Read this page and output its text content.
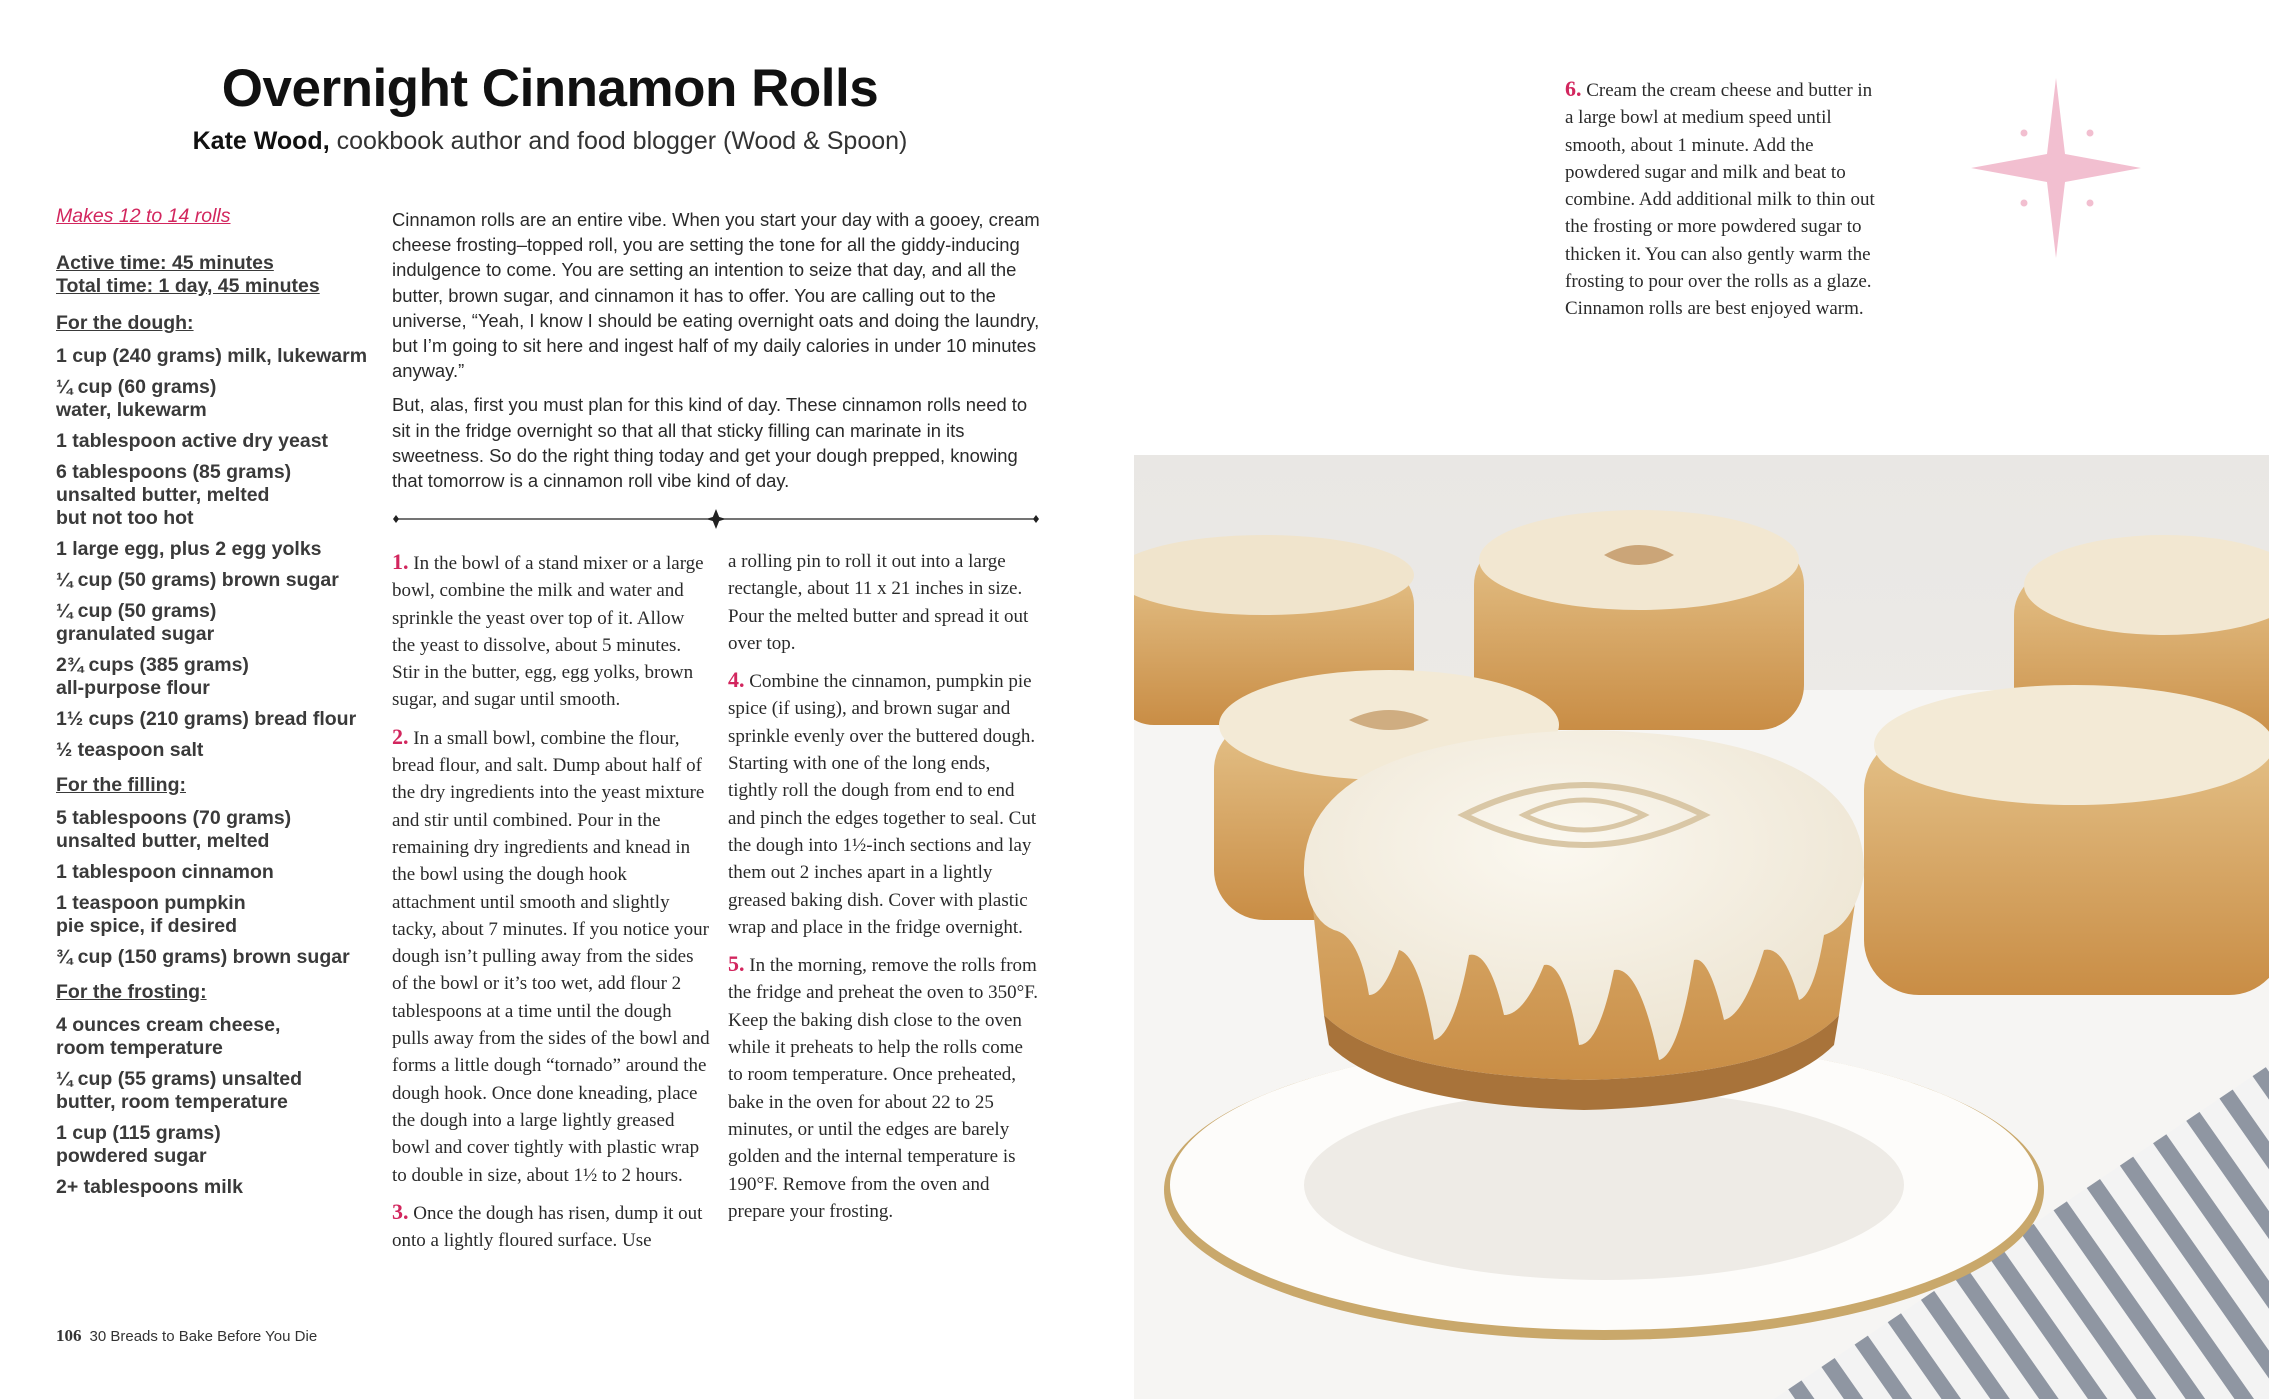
Overnight Cinnamon Rolls
Kate Wood, cookbook author and food blogger (Wood & Spoon)
Makes 12 to 14 rolls
Active time: 45 minutes
Total time: 1 day, 45 minutes
For the dough:
1 cup (240 grams) milk, lukewarm
¼ cup (60 grams) water, lukewarm
1 tablespoon active dry yeast
6 tablespoons (85 grams) unsalted butter, melted but not too hot
1 large egg, plus 2 egg yolks
¼ cup (50 grams) brown sugar
¼ cup (50 grams) granulated sugar
2¾ cups (385 grams) all-purpose flour
1½ cups (210 grams) bread flour
½ teaspoon salt
For the filling:
5 tablespoons (70 grams) unsalted butter, melted
1 tablespoon cinnamon
1 teaspoon pumpkin pie spice, if desired
¾ cup (150 grams) brown sugar
For the frosting:
4 ounces cream cheese, room temperature
¼ cup (55 grams) unsalted butter, room temperature
1 cup (115 grams) powdered sugar
2+ tablespoons milk

Cinnamon rolls are an entire vibe. When you start your day with a gooey, cream cheese frosting–topped roll, you are setting the tone for all the giddy-inducing indulgence to come. You are setting an intention to seize that day, and all the butter, brown sugar, and cinnamon it has to offer. You are calling out to the universe, “Yeah, I know I should be eating overnight oats and doing the laundry, but I’m going to sit here and ingest half of my daily calories in under 10 minutes anyway.”

But, alas, first you must plan for this kind of day. These cinnamon rolls need to sit in the fridge overnight so that all that sticky filling can marinate in its sweetness. So do the right thing today and get your dough prepped, knowing that tomorrow is a cinnamon roll vibe kind of day.

1. In the bowl of a stand mixer or a large bowl, combine the milk and water and sprinkle the yeast over top of it. Allow the yeast to dissolve, about 5 minutes. Stir in the butter, egg, egg yolks, brown sugar, and sugar until smooth.

2. In a small bowl, combine the flour, bread flour, and salt. Dump about half of the dry ingredients into the yeast mixture and stir until combined. Pour in the remaining dry ingredients and knead in the bowl using the dough hook attachment until smooth and slightly tacky, about 7 minutes. If you notice your dough isn’t pulling away from the sides of the bowl or it’s too wet, add flour 2 tablespoons at a time until the dough pulls away from the sides of the bowl and forms a little dough “tornado” around the dough hook. Once done kneading, place the dough into a large lightly greased bowl and cover tightly with plastic wrap to double in size, about 1½ to 2 hours.

3. Once the dough has risen, dump it out onto a lightly floured surface. Use

a rolling pin to roll it out into a large rectangle, about 11 x 21 inches in size. Pour the melted butter and spread it out over top.

4. Combine the cinnamon, pumpkin pie spice (if using), and brown sugar and sprinkle evenly over the buttered dough. Starting with one of the long ends, tightly roll the dough from end to end and pinch the edges together to seal. Cut the dough into 1½-inch sections and lay them out 2 inches apart in a lightly greased baking dish. Cover with plastic wrap and place in the fridge overnight.

5. In the morning, remove the rolls from the fridge and preheat the oven to 350°F. Keep the baking dish close to the oven while it preheats to help the rolls come to room temperature. Once preheated, bake in the oven for about 22 to 25 minutes, or until the edges are barely golden and the internal temperature is 190°F. Remove from the oven and prepare your frosting.

6. Cream the cream cheese and butter in a large bowl at medium speed until smooth, about 1 minute. Add the powdered sugar and milk and beat to combine. Add additional milk to thin out the frosting or more powdered sugar to thicken it. You can also gently warm the frosting to pour over the rolls as a glaze. Cinnamon rolls are best enjoyed warm.
106 30 Breads to Bake Before You Die
